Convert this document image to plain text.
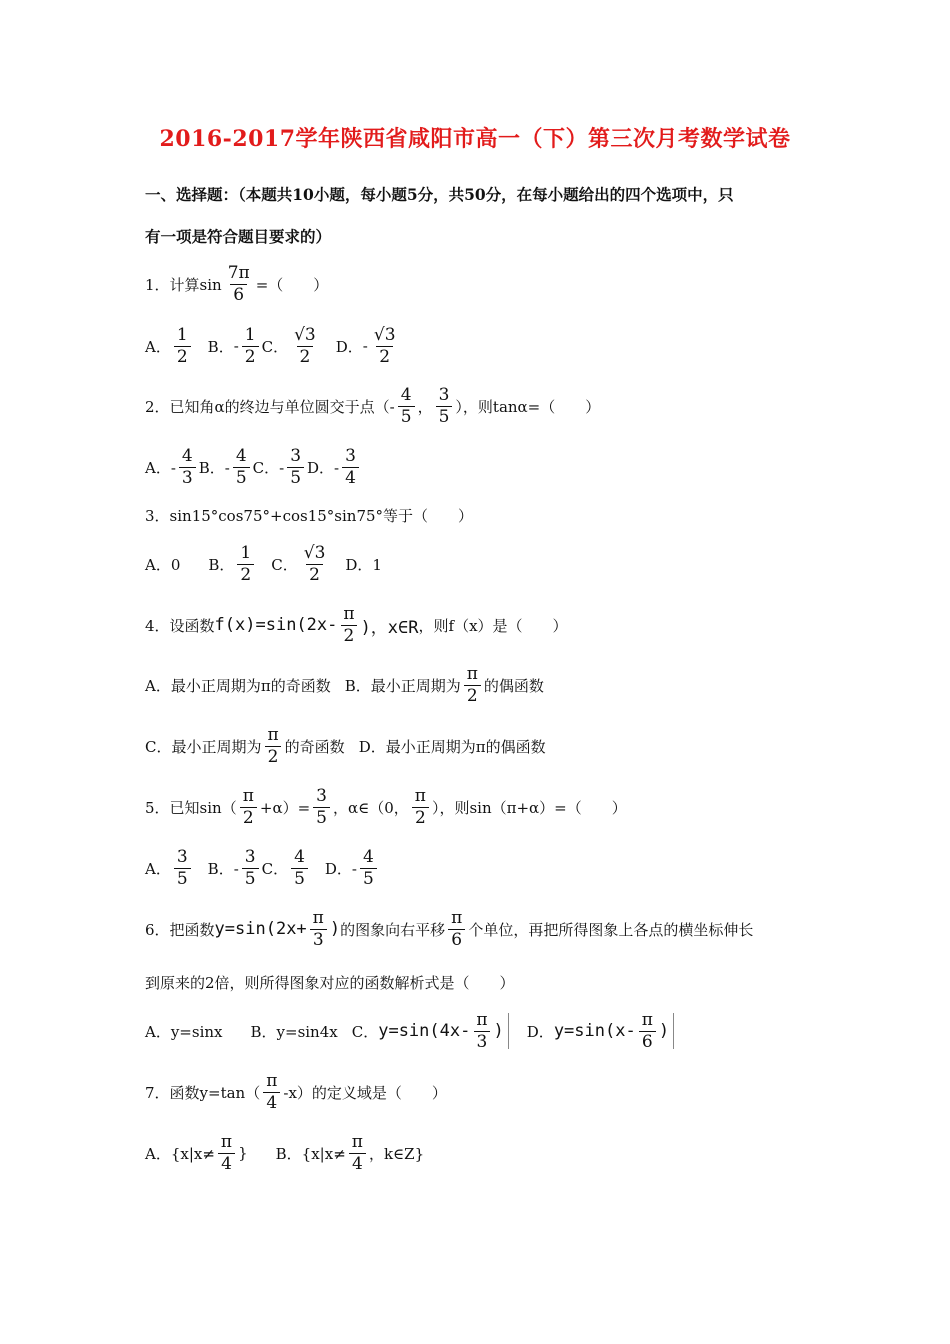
2016-2017学年陕西省咸阳市高一（下）第三次月考数学试卷
一、选择题：（本题共10小题，每小题5分，共50分，在每小题给出的四个选项中，只
有一项是符合题目要求的）
1．计算$\sin \frac{7\pi}{6}$ =（　　）
A． $\frac{1}{2}$ B． - $\frac{1}{2}$ C． $\frac{√3}{2}$ D． - $\frac{√3}{2}$
2．已知角α的终边与单位圆交于点（- $\frac{4}{5}$ ， $\frac{3}{5}$ ），则tanα=（　　）
A．- $\frac{4}{3}$ B．- $\frac{4}{5}$ C．- $\frac{3}{5}$ D．- $\frac{3}{4}$
3．sin15°cos75°+cos15°sin75°等于（　　）
A．0 B． $\frac{1}{2}$ C． $\frac{√3}{2}$ D．1
4．设函数 $f(x)=\sin(2x- \frac{\pi}{2}$ )，x∈R ，则f（x）是（　　）
A．最小正周期为π的奇函数 B．最小正周期为 $\frac{\pi}{2}$ 的偶函数
C．最小正周期为 $\frac{\pi}{2}$ 的奇函数 D．最小正周期为π的偶函数
5．已知$\sin( \frac{\pi}{2} +\alpha)= \frac{3}{5}$ ，α∈（0， $\frac{\pi}{2}$ ），则sin（π+α）=（　　）
A． $\frac{3}{5}$ B．- $\frac{3}{5}$ C． $\frac{4}{5}$ D．- $\frac{4}{5}$
6．把函数 $y=\sin(2x+ \frac{\pi}{3}$ ) 的图象向右平移 $\frac{\pi}{6}$ 个单位，再把所得图象上各点的横坐标伸长
到原来的2倍，则所得图象对应的函数解析式是（　　）
A．y=sinx B．y=sin4x C． $y=\sin(4x- \frac{\pi}{3}$ ) D． $y=\sin(x- \frac{\pi}{6}$ )
7．函数$y=\tan( \frac{\pi}{4} -x)$的定义域是（　　）
A．{$x|x\ne \frac{\pi}{4}$ } B．{$x|x\ne \frac{\pi}{4}$ ，k∈Z}
